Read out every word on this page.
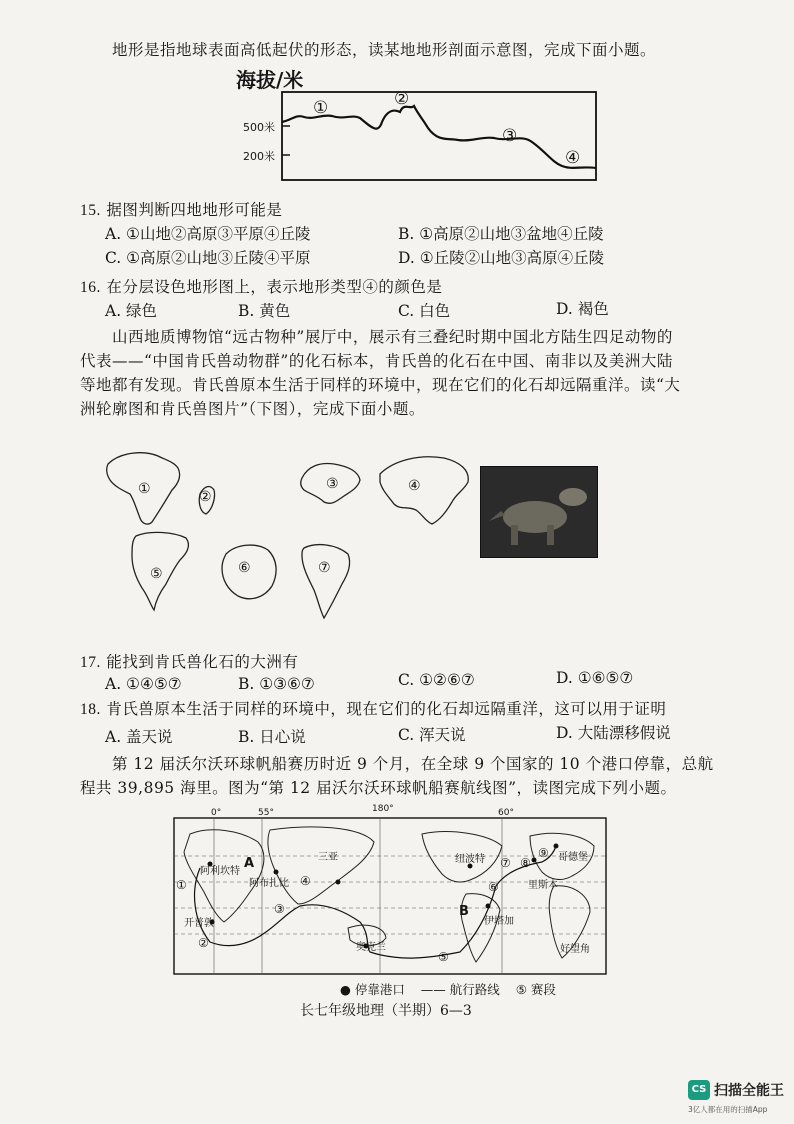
地形是指地球表面高低起伏的形态，读某地地形剖面示意图，完成下面小题。
海拔/米
500米
200米
①	②
③
④
15. 据图判断四地地形可能是
A. ①山地②高原③平原④丘陵	B. ①高原②山地③盆地④丘陵
C. ①高原②山地③丘陵④平原	D. ①丘陵②山地③高原④丘陵
16. 在分层设色地形图上，表示地形类型④的颜色是
A. 绿色	B. 黄色	C. 白色	D. 褐色
山西地质博物馆“远古物种”展厅中，展示有三叠纪时期中国北方陆生四足动物的
代表——“中国肯氏兽动物群”的化石标本，肯氏兽的化石在中国、南非以及美洲大陆
等地都有发现。肯氏兽原本生活于同样的环境中，现在它们的化石却远隔重洋。读“大
洲轮廓图和肯氏兽图片”（下图），完成下面小题。
①	②
③	④
⑤	⑥	⑦
17. 能找到肯氏兽化石的大洲有
A. ①④⑤⑦	B. ①③⑥⑦	C. ①②⑥⑦	D. ①⑥⑤⑦
18. 肯氏兽原本生活于同样的环境中，现在它们的化石却远隔重洋，这可以用于证明
A. 盖天说	B. 日心说	C. 浑天说	D. 大陆漂移假说
第 12 届沃尔沃环球帆船赛历时近 9 个月，在全球 9 个国家的 10 个港口停靠，总航
程共 39,895 海里。图为“第 12 届沃尔沃环球帆船赛航线图”，读图完成下列小题。
0°	55°	180°	60°
A
B
阿利坎特
阿布扎比
三亚	纽波特
里斯本
哥德堡
开普敦	伊塔加
奥克兰	好望角
①
②
③
④
⑤
⑥
⑦ ⑧
⑨
● 停靠港口 —— 航行路线 ⑤ 赛段
长七年级地理（半期）6—3
CS 扫描全能王
3亿人都在用的扫描App
